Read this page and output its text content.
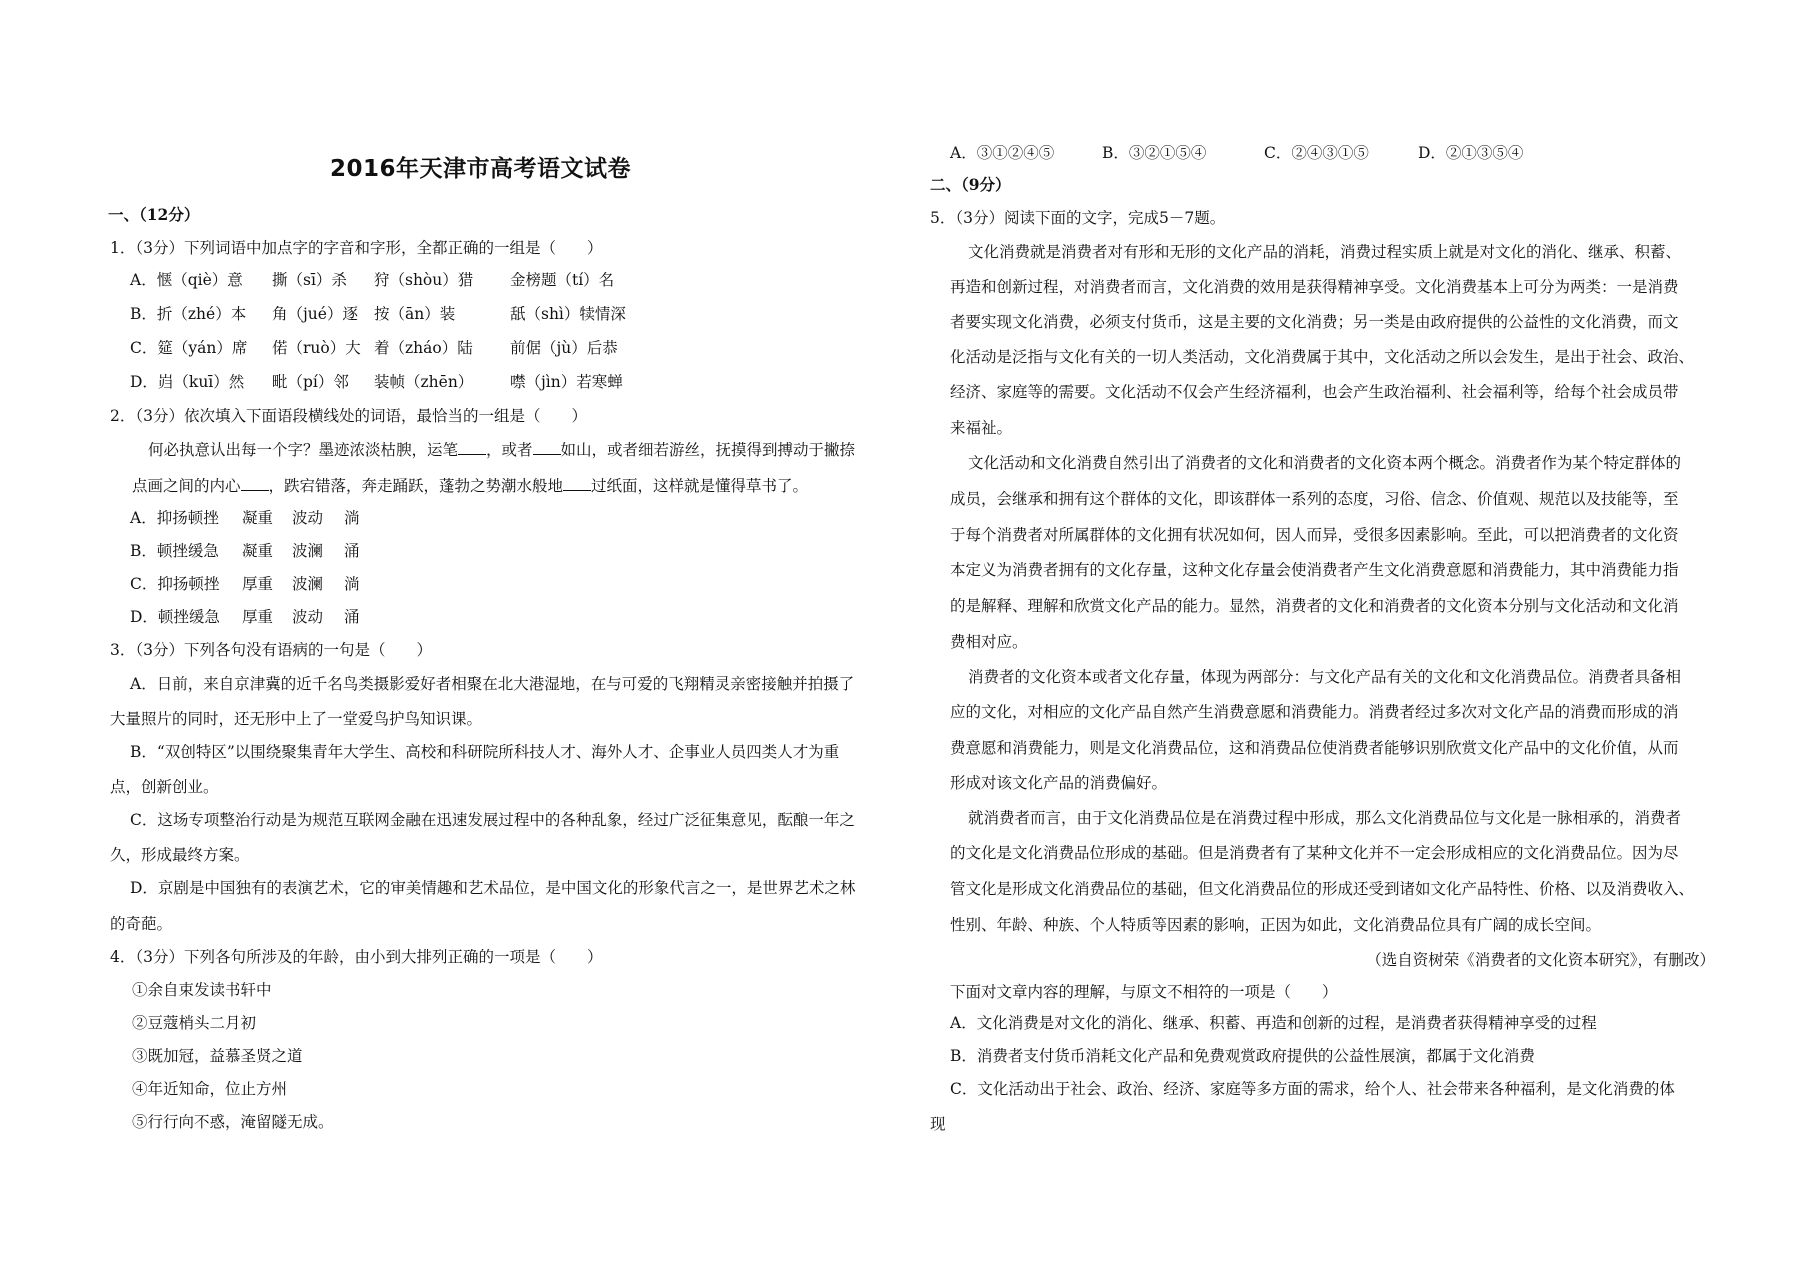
2016年天津市高考语文试卷
一、（12分）
1．（3分）下列词语中加点字的字音和字形，全都正确的一组是（　　）
A．惬（qiè）意 撕（sī）杀 狩（shòu）猎 金榜题（tí）名
B．折（zhé）本 角（jué）逐 按（ān）装	舐（shì）犊情深
C．筵（yán）席 偌（ruò）大 着（zháo）陆 前倨（jù）后恭
D．岿（kuī）然 毗（pí）邻 装帧（zhēn） 噤（jìn）若寒蝉
2．（3分）依次填入下面语段横线处的词语，最恰当的一组是（　　）
何必执意认出每一个字？墨迹浓淡枯腴，运笔 ，或者 如山，或者细若游丝，抚摸得到搏动于撇捺
点画之间的内心 ，跌宕错落，奔走踊跃，蓬勃之势潮水般地 过纸面，这样就是懂得草书了。
A．抑扬顿挫 凝重 波动 淌
B．顿挫缓急 凝重 波澜 涌
C．抑扬顿挫 厚重 波澜 淌
D．顿挫缓急 厚重 波动 涌
3．（3分）下列各句没有语病的一句是（　　）
A．日前，来自京津冀的近千名鸟类摄影爱好者相聚在北大港湿地，在与可爱的飞翔精灵亲密接触并拍摄了
大量照片的同时，还无形中上了一堂爱鸟护鸟知识课。
B．“双创特区”以围绕聚集青年大学生、高校和科研院所科技人才、海外人才、企事业人员四类人才为重
点，创新创业。
C．这场专项整治行动是为规范互联网金融在迅速发展过程中的各种乱象，经过广泛征集意见，酝酿一年之
久，形成最终方案。
D．京剧是中国独有的表演艺术，它的审美情趣和艺术品位，是中国文化的形象代言之一，是世界艺术之林
的奇葩。
4．（3分）下列各句所涉及的年龄，由小到大排列正确的一项是（　　）
①余自束发读书轩中
②豆蔻梢头二月初
③既加冠，益慕圣贤之道
④年近知命，位止方州
⑤行行向不惑，淹留隧无成。
A．③①②④⑤	B．③②①⑤④	C．②④③①⑤	D．②①③⑤④
二、（9分）
5．（3分）阅读下面的文字，完成5－7题。
文化消费就是消费者对有形和无形的文化产品的消耗，消费过程实质上就是对文化的消化、继承、积蓄、
再造和创新过程，对消费者而言，文化消费的效用是获得精神享受。文化消费基本上可分为两类：一是消费
者要实现文化消费，必须支付货币，这是主要的文化消费；另一类是由政府提供的公益性的文化消费，而文
化活动是泛指与文化有关的一切人类活动，文化消费属于其中，文化活动之所以会发生，是出于社会、政治、
经济、家庭等的需要。文化活动不仅会产生经济福利，也会产生政治福利、社会福利等，给每个社会成员带
来福祉。
文化活动和文化消费自然引出了消费者的文化和消费者的文化资本两个概念。消费者作为某个特定群体的
成员，会继承和拥有这个群体的文化，即该群体一系列的态度，习俗、信念、价值观、规范以及技能等，至
于每个消费者对所属群体的文化拥有状况如何，因人而异，受很多因素影响。至此，可以把消费者的文化资
本定义为消费者拥有的文化存量，这种文化存量会使消费者产生文化消费意愿和消费能力，其中消费能力指
的是解释、理解和欣赏文化产品的能力。显然，消费者的文化和消费者的文化资本分别与文化活动和文化消
费相对应。
消费者的文化资本或者文化存量，体现为两部分：与文化产品有关的文化和文化消费品位。消费者具备相
应的文化，对相应的文化产品自然产生消费意愿和消费能力。消费者经过多次对文化产品的消费而形成的消
费意愿和消费能力，则是文化消费品位，这和消费品位使消费者能够识别欣赏文化产品中的文化价值，从而
形成对该文化产品的消费偏好。
就消费者而言，由于文化消费品位是在消费过程中形成，那么文化消费品位与文化是一脉相承的，消费者
的文化是文化消费品位形成的基础。但是消费者有了某种文化并不一定会形成相应的文化消费品位。因为尽
管文化是形成文化消费品位的基础，但文化消费品位的形成还受到诸如文化产品特性、价格、以及消费收入、
性别、年龄、种族、个人特质等因素的影响，正因为如此，文化消费品位具有广阔的成长空间。
（选自资树荣《消费者的文化资本研究》，有删改）
下面对文章内容的理解，与原文不相符的一项是（　　）
A．文化消费是对文化的消化、继承、积蓄、再造和创新的过程，是消费者获得精神享受的过程
B．消费者支付货币消耗文化产品和免费观赏政府提供的公益性展演，都属于文化消费
C．文化活动出于社会、政治、经济、家庭等多方面的需求，给个人、社会带来各种福利，是文化消费的体
现
